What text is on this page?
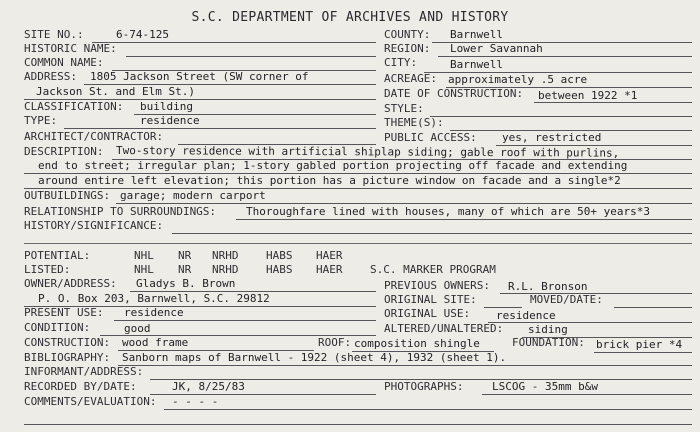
S.C. DEPARTMENT OF ARCHIVES AND HISTORY
SITE NO.:	6-74-125	COUNTY: Barnwell
HISTORIC NAME:	REGION: Lower Savannah
COMMON NAME:	CITY:	Barnwell
ADDRESS: 1805 Jackson Street (SW corner of
Jackson St. and Elm St.)
ACREAGE: approximately .5 acre
DATE OF CONSTRUCTION: between 1922 *1
CLASSIFICATION: building	STYLE:
TYPE:	residence	THEME(S):
ARCHITECT/CONTRACTOR:	PUBLIC ACCESS: yes, restricted
DESCRIPTION: Two-story residence with artificial shiplap siding; gable roof with purlins,
end to street; irregular plan; 1-story gabled portion projecting off facade and extending
around entire left elevation; this portion has a picture window on facade and a single*2
OUTBUILDINGS: garage; modern carport
RELATIONSHIP TO SURROUNDINGS:	Thoroughfare lined with houses, many of which are 50+ years*3
HISTORY/SIGNIFICANCE:
POTENTIAL:	NHL NR NRHD	HABS HAER
LISTED:	NHL NR NRHD	HABS HAER	S.C. MARKER PROGRAM
OWNER/ADDRESS: Gladys B. Brown
P. O. Box 203, Barnwell, S.C. 29812
PREVIOUS OWNERS: R.L. Bronson
ORIGINAL SITE:	MOVED/DATE:
PRESENT USE: residence	ORIGINAL USE: residence
CONDITION:	good	ALTERED/UNALTERED: siding
CONSTRUCTION: wood frame	ROOF: composition shingle	FOUNDATION: brick pier *4
BIBLIOGRAPHY: Sanborn maps of Barnwell - 1922 (sheet 4), 1932 (sheet 1).
INFORMANT/ADDRESS:
RECORDED BY/DATE:	JK, 8/25/83	PHOTOGRAPHS:	LSCOG - 35mm b&w
COMMENTS/EVALUATION: - - - -
